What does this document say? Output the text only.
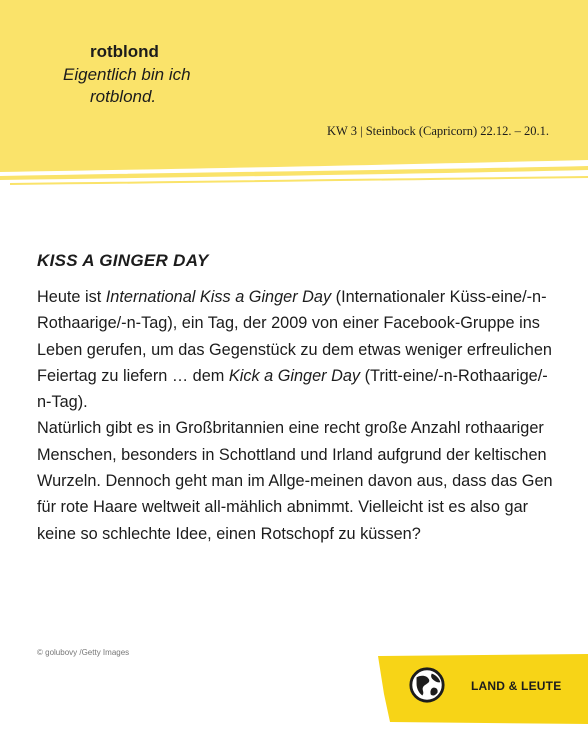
rotblond
Eigentlich bin ich
rotblond.
KW 3 | Steinbock (Capricorn) 22.12. – 20.1.
KISS A GINGER DAY

Heute ist International Kiss a Ginger Day (Internationaler Küss-eine/-n-Rothaarige/-n-Tag), ein Tag, der 2009 von einer Facebook-Gruppe ins Leben gerufen, um das Gegenstück zu dem etwas weniger erfreulichen Feiertag zu liefern … dem Kick a Ginger Day (Tritt-eine/-n-Rothaarige/-n-Tag).

Natürlich gibt es in Großbritannien eine recht große Anzahl rothaariger Menschen, besonders in Schottland und Irland aufgrund der keltischen Wurzeln. Dennoch geht man im Allge-meinen davon aus, dass das Gen für rote Haare weltweit all-mählich abnimmt. Vielleicht ist es also gar keine so schlechte Idee, einen Rotschopf zu küssen?

© golubovy /Getty Images
LAND & LEUTE
